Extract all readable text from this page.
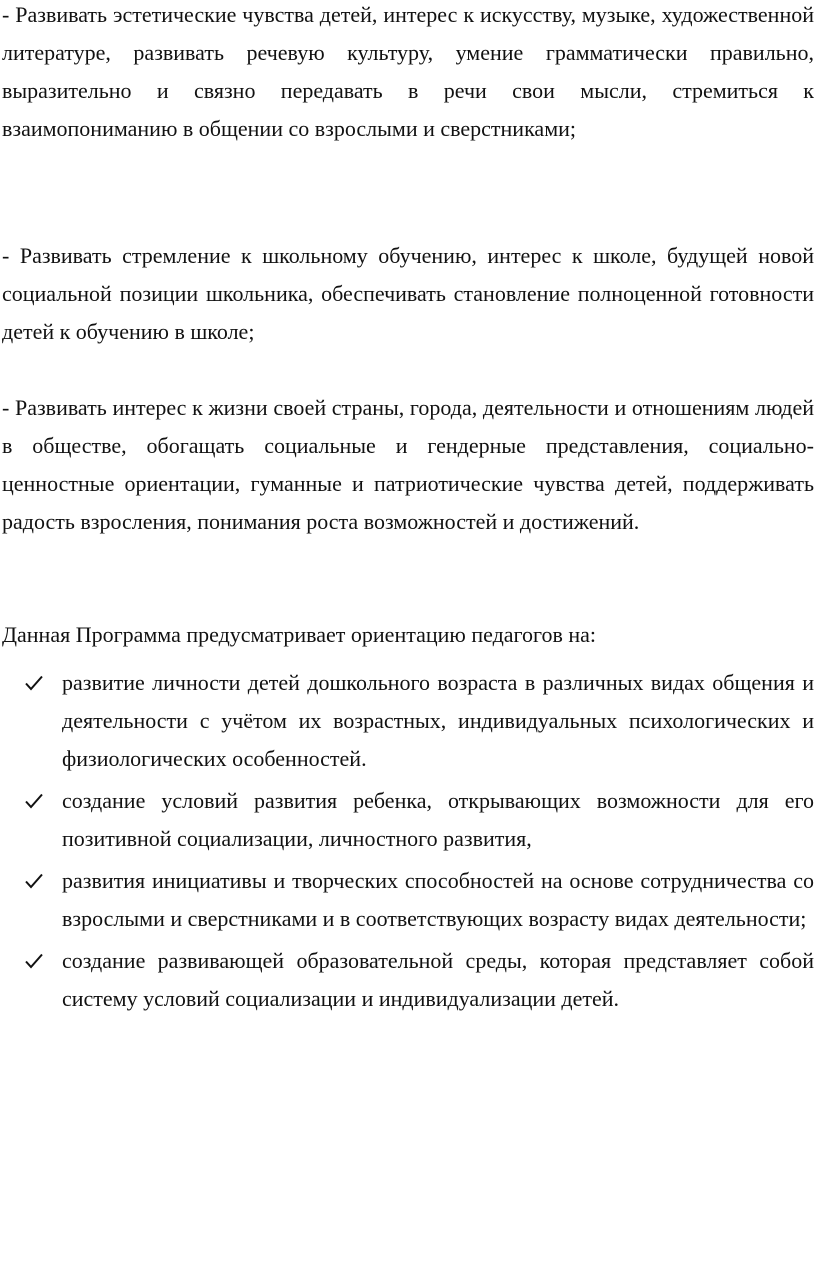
- Развивать эстетические чувства детей, интерес к искусству, музыке, художественной литературе, развивать речевую культуру, умение грамматически правильно, выразительно и связно передавать в речи свои мысли, стремиться к взаимопониманию в общении со взрослыми и сверстниками;

- Развивать стремление к школьному обучению, интерес к школе, будущей новой социальной позиции школьника, обеспечивать становление полноценной готовности детей к обучению в школе;

- Развивать интерес к жизни своей страны, города, деятельности и отношениям людей в обществе, обогащать социальные и гендерные представления, социально-ценностные ориентации, гуманные и патриотические чувства детей, поддерживать радость взросления, понимания роста возможностей и достижений.

Данная Программа предусматривает ориентацию педагогов на:

развитие личности детей дошкольного возраста в различных видах общения и деятельности с учётом их возрастных, индивидуальных психологических и физиологических особенностей.
создание условий развития ребенка, открывающих возможности для его позитивной социализации, личностного развития,
развития инициативы и творческих способностей на основе сотрудничества со взрослыми и сверстниками и в соответствующих возрасту видах деятельности;
создание развивающей образовательной среды, которая представляет собой систему условий социализации и индивидуализации детей.
